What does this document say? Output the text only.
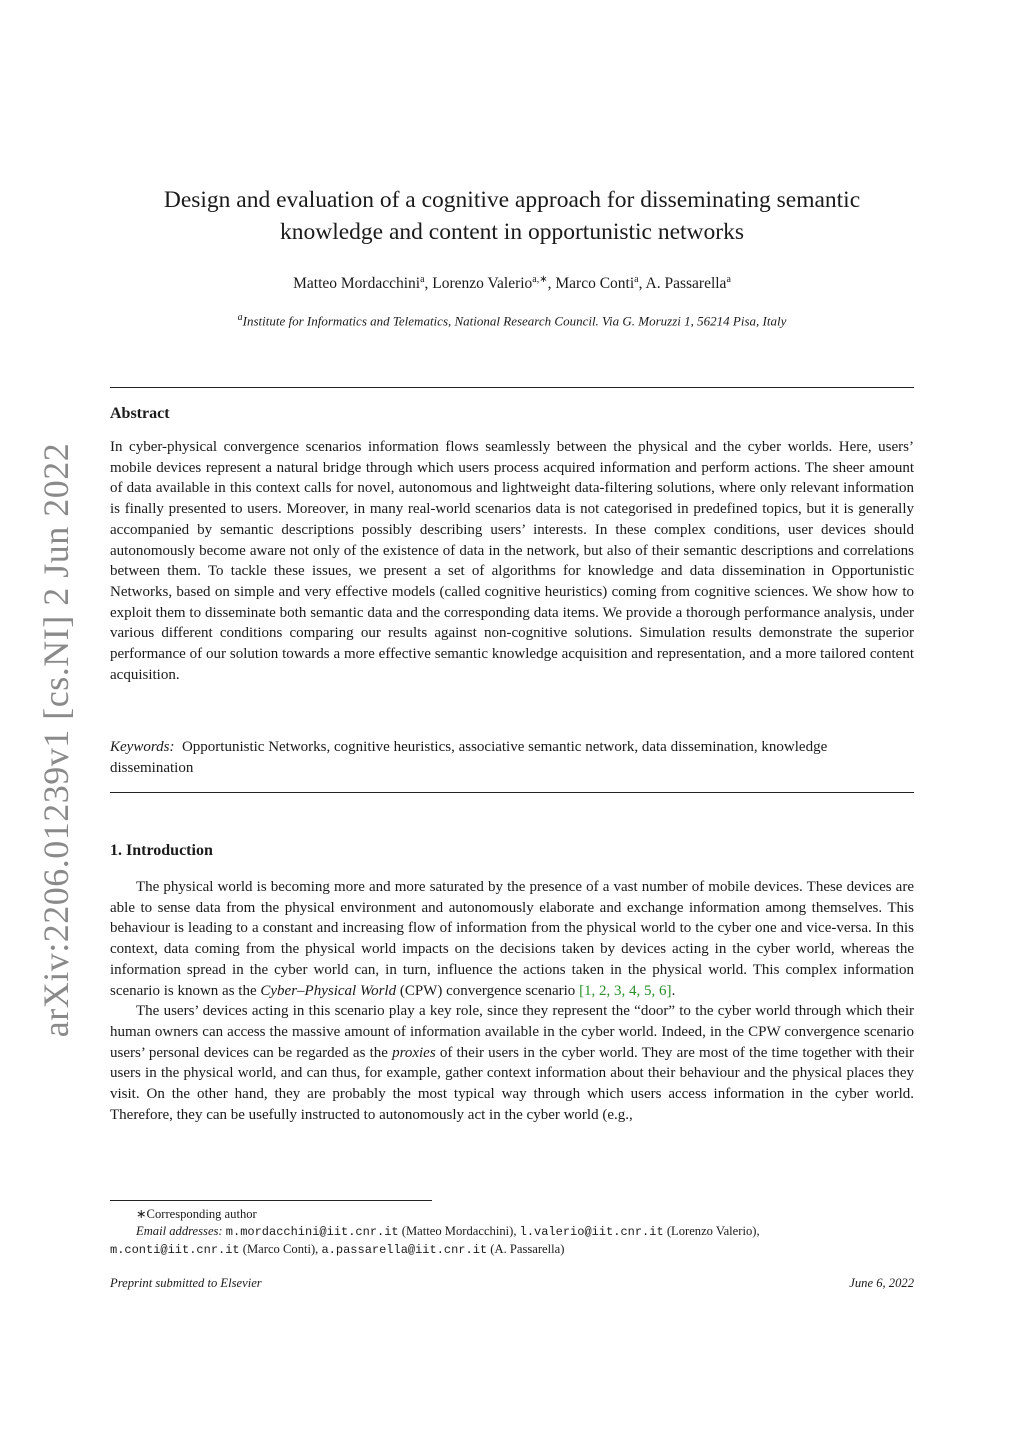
arXiv:2206.01239v1 [cs.NI] 2 Jun 2022
Design and evaluation of a cognitive approach for disseminating semantic
knowledge and content in opportunistic networks
Matteo Mordacchini$^a$, Lorenzo Valerio$^{a,∗}$, Marco Conti$^a$, A. Passarella$^a$
$^a$Institute for Informatics and Telematics, National Research Council. Via G. Moruzzi 1, 56214 Pisa, Italy
Abstract

In cyber-physical convergence scenarios information flows seamlessly between the physical and the cyber worlds. Here, users’ mobile devices represent a natural bridge through which users process acquired information and perform actions. The sheer amount of data available in this context calls for novel, autonomous and lightweight data-filtering solutions, where only relevant information is finally presented to users. Moreover, in many real-world scenarios data is not categorised in predefined topics, but it is generally accompanied by semantic descriptions possibly describing users’ interests. In these complex conditions, user devices should autonomously become aware not only of the existence of data in the network, but also of their semantic descriptions and correlations between them. To tackle these issues, we present a set of algorithms for knowledge and data dissemination in Opportunistic Networks, based on simple and very effective models (called cognitive heuristics) coming from cognitive sciences. We show how to exploit them to disseminate both semantic data and the corresponding data items. We provide a thorough performance analysis, under various different conditions comparing our results against non-cognitive solutions. Simulation results demonstrate the superior performance of our solution towards a more effective semantic knowledge acquisition and representation, and a more tailored content acquisition.

Keywords: Opportunistic Networks, cognitive heuristics, associative semantic network, data dissemination, knowledge dissemination
1. Introduction

The physical world is becoming more and more saturated by the presence of a vast number of mobile devices. These devices are able to sense data from the physical environment and autonomously elaborate and exchange information among themselves. This behaviour is leading to a constant and increasing flow of information from the physical world to the cyber one and vice-versa. In this context, data coming from the physical world impacts on the decisions taken by devices acting in the cyber world, whereas the information spread in the cyber world can, in turn, influence the actions taken in the physical world. This complex information scenario is known as the Cyber–Physical World (CPW) convergence scenario [1, 2, 3, 4, 5, 6].

The users’ devices acting in this scenario play a key role, since they represent the “door” to the cyber world through which their human owners can access the massive amount of information available in the cyber world. Indeed, in the CPW convergence scenario users’ personal devices can be regarded as the proxies of their users in the cyber world. They are most of the time together with their users in the physical world, and can thus, for example, gather context information about their behaviour and the physical places they visit. On the other hand, they are probably the most typical way through which users access information in the cyber world. Therefore, they can be usefully instructed to autonomously act in the cyber world (e.g.,

∗Corresponding author
Email addresses: m.mordacchini@iit.cnr.it (Matteo Mordacchini), l.valerio@iit.cnr.it (Lorenzo Valerio),
m.conti@iit.cnr.it (Marco Conti), a.passarella@iit.cnr.it (A. Passarella)
Preprint submitted to Elsevier	June 6, 2022
